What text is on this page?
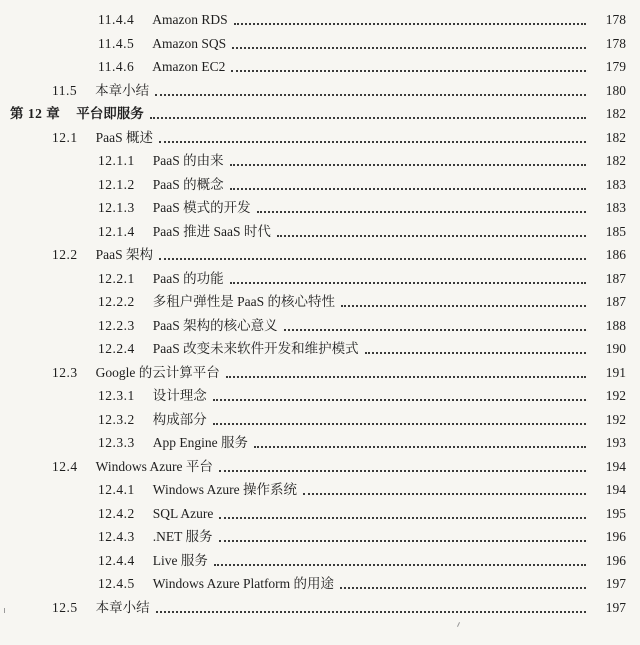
11.4.4 Amazon RDS	178
11.4.5 Amazon SQS	178
11.4.6 Amazon EC2	179
11.5 本章小结	180
第 12 章 平台即服务	182
12.1 PaaS 概述	182
12.1.1 PaaS 的由来	182
12.1.2 PaaS 的概念	183
12.1.3 PaaS 模式的开发	183
12.1.4 PaaS 推进 SaaS 时代	185
12.2 PaaS 架构	186
12.2.1 PaaS 的功能	187
12.2.2 多租户弹性是 PaaS 的核心特性	187
12.2.3 PaaS 架构的核心意义	188
12.2.4 PaaS 改变未来软件开发和维护模式	190
12.3 Google 的云计算平台	191
12.3.1 设计理念	192
12.3.2 构成部分	192
12.3.3 App Engine 服务	193
12.4 Windows Azure 平台	194
12.4.1 Windows Azure 操作系统	194
12.4.2 SQL Azure	195
12.4.3 .NET 服务	196
12.4.4 Live 服务	196
12.4.5 Windows Azure Platform 的用途	197
12.5 本章小结	197
